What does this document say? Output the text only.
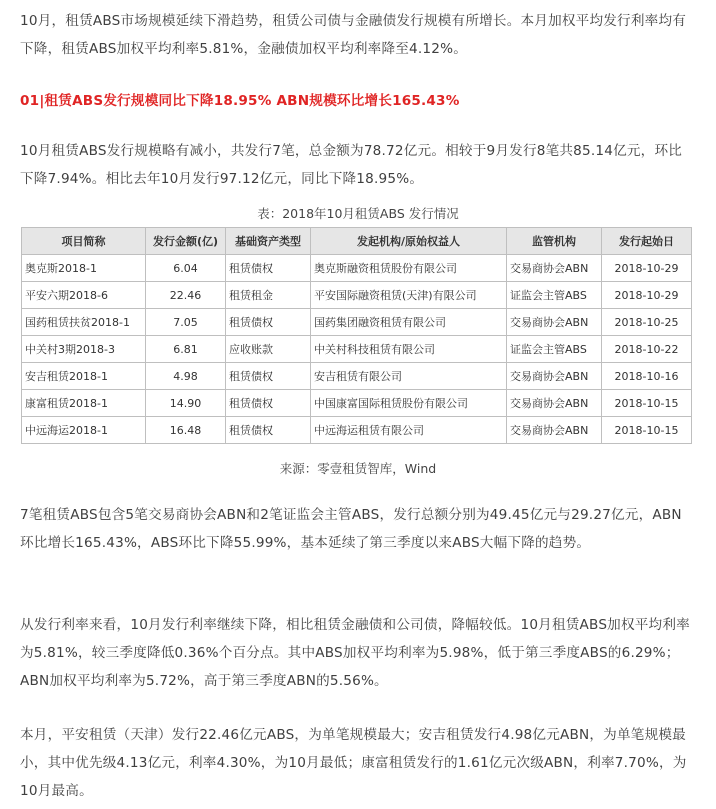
10月，租赁ABS市场规模延续下滑趋势，租赁公司债与金融债发行规模有所增长。本月加权平均发行利率均有下降，租赁ABS加权平均利率5.81%，金融债加权平均利率降至4.12%。

01|租赁ABS发行规模同比下降18.95% ABN规模环比增长165.43%

10月租赁ABS发行规模略有减小，共发行7笔，总金额为78.72亿元。相较于9月发行8笔共85.14亿元，环比下降7.94%。相比去年10月发行97.12亿元，同比下降18.95%。

表：2018年10月租赁ABS 发行情况

项目简称	发行金额(亿)	基础资产类型	发起机构/原始权益人	监管机构	发行起始日
奥克斯2018-1	6.04	租赁债权	奥克斯融资租赁股份有限公司	交易商协会ABN	2018-10-29
平安六期2018-6	22.46	租赁租金	平安国际融资租赁(天津)有限公司	证监会主管ABS	2018-10-29
国药租赁扶贫2018-1	7.05	租赁债权	国药集团融资租赁有限公司	交易商协会ABN	2018-10-25
中关村3期2018-3	6.81	应收账款	中关村科技租赁有限公司	证监会主管ABS	2018-10-22
安吉租赁2018-1	4.98	租赁债权	安吉租赁有限公司	交易商协会ABN	2018-10-16
康富租赁2018-1	14.90	租赁债权	中国康富国际租赁股份有限公司	交易商协会ABN	2018-10-15
中远海运2018-1	16.48	租赁债权	中远海运租赁有限公司	交易商协会ABN	2018-10-15

来源：零壹租赁智库，Wind

7笔租赁ABS包含5笔交易商协会ABN和2笔证监会主管ABS，发行总额分别为49.45亿元与29.27亿元，ABN环比增长165.43%，ABS环比下降55.99%，基本延续了第三季度以来ABS大幅下降的趋势。

从发行利率来看，10月发行利率继续下降，相比租赁金融债和公司债，降幅较低。10月租赁ABS加权平均利率为5.81%，较三季度降低0.36%个百分点。其中ABS加权平均利率为5.98%，低于第三季度ABS的6.29%；ABN加权平均利率为5.72%，高于第三季度ABN的5.56%。

本月，平安租赁（天津）发行22.46亿元ABS，为单笔规模最大；安吉租赁发行4.98亿元ABN，为单笔规模最小，其中优先级4.13亿元，利率4.30%，为10月最低；康富租赁发行的1.61亿元次级ABN，利率7.70%，为10月最高。
